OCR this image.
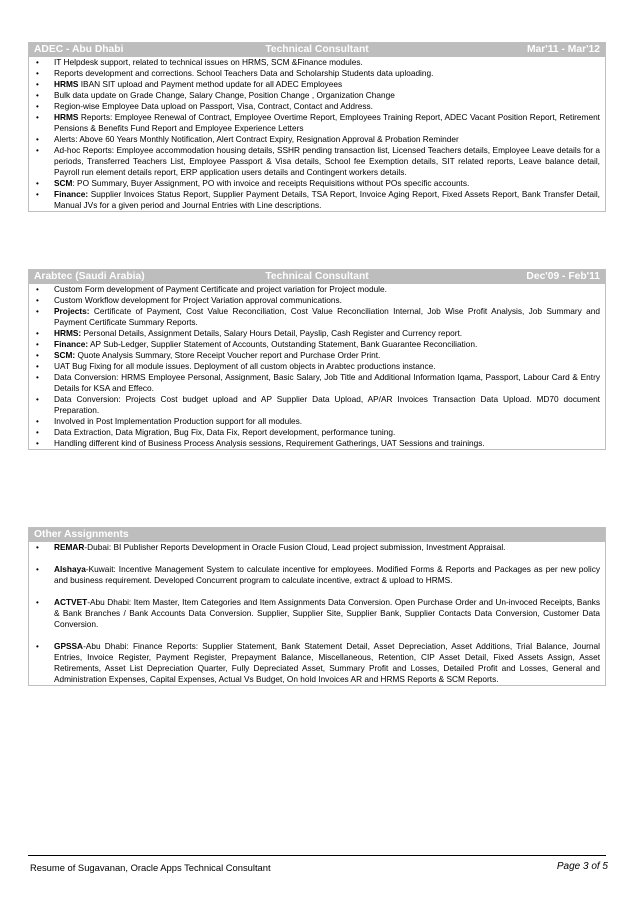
ADEC - Abu Dhabi	Technical Consultant	Mar'11 - Mar'12
• IT Helpdesk support, related to technical issues on HRMS, SCM &Finance modules.
• Reports development and corrections. School Teachers Data and Scholarship Students data uploading.
• HRMS IBAN SIT upload and Payment method update for all ADEC Employees
• Bulk data update on Grade Change, Salary Change, Position Change , Organization Change
• Region-wise Employee Data upload on Passport, Visa, Contract, Contact and Address.
• HRMS Reports: Employee Renewal of Contract, Employee Overtime Report, Employees Training Report, ADEC Vacant Position Report, Retirement Pensions & Benefits Fund Report and Employee Experience Letters
• Alerts: Above 60 Years Monthly Notification, Alert Contract Expiry, Resignation Approval & Probation Reminder
• Ad-hoc Reports: Employee accommodation housing details, SSHR pending transaction list, Licensed Teachers details, Employee Leave details for a periods, Transferred Teachers List, Employee Passport & Visa details, School fee Exemption details, SIT related reports, Leave balance detail, Payroll run element details report, ERP application users details and Contingent workers details.
• SCM: PO Summary, Buyer Assignment, PO with invoice and receipts Requisitions without POs specific accounts.
• Finance: Supplier Invoices Status Report, Supplier Payment Details, TSA Report, Invoice Aging Report, Fixed Assets Report, Bank Transfer Detail, Manual JVs for a given period and Journal Entries with Line descriptions.
Arabtec (Saudi Arabia)	Technical Consultant	Dec'09 - Feb'11
• Custom Form development of Payment Certificate and project variation for Project module.
• Custom Workflow development for Project Variation approval communications.
• Projects: Certificate of Payment, Cost Value Reconciliation, Cost Value Reconciliation Internal, Job Wise Profit Analysis, Job Summary and Payment Certificate Summary Reports.
• HRMS: Personal Details, Assignment Details, Salary Hours Detail, Payslip, Cash Register and Currency report.
• Finance: AP Sub-Ledger, Supplier Statement of Accounts, Outstanding Statement, Bank Guarantee Reconciliation.
• SCM: Quote Analysis Summary, Store Receipt Voucher report and Purchase Order Print.
• UAT Bug Fixing for all module issues. Deployment of all custom objects in Arabtec productions instance.
• Data Conversion: HRMS Employee Personal, Assignment, Basic Salary, Job Title and Additional Information Iqama, Passport, Labour Card & Entry Details for KSA and Effeco.
• Data Conversion: Projects Cost budget upload and AP Supplier Data Upload, AP/AR Invoices Transaction Data Upload. MD70 document Preparation.
• Involved in Post Implementation Production support for all modules.
• Data Extraction, Data Migration, Bug Fix, Data Fix, Report development, performance tuning.
• Handling different kind of Business Process Analysis sessions, Requirement Gatherings, UAT Sessions and trainings.
Other Assignments
• REMAR-Dubai: BI Publisher Reports Development in Oracle Fusion Cloud, Lead project submission, Investment Appraisal.
• Alshaya-Kuwait: Incentive Management System to calculate incentive for employees. Modified Forms & Reports and Packages as per new policy and business requirement. Developed Concurrent program to calculate incentive, extract & upload to HRMS.
• ACTVET-Abu Dhabi: Item Master, Item Categories and Item Assignments Data Conversion. Open Purchase Order and Un-invoced Receipts, Banks & Bank Branches / Bank Accounts Data Conversion. Supplier, Supplier Site, Supplier Bank, Supplier Contacts Data Conversion, Customer Data Conversion.
• GPSSA-Abu Dhabi: Finance Reports: Supplier Statement, Bank Statement Detail, Asset Depreciation, Asset Additions, Trial Balance, Journal Entries, Invoice Register, Payment Register, Prepayment Balance, Miscellaneous, Retention, CIP Asset Detail, Fixed Assets Assign, Asset Retirements, Asset List Depreciation Quarter, Fully Depreciated Asset, Summary Profit and Losses, Detailed Profit and Losses, General and Administration Expenses, Capital Expenses, Actual Vs Budget, On hold Invoices AR and HRMS Reports & SCM Reports.
Resume of Sugavanan, Oracle Apps Technical Consultant	Page 3 of 5
